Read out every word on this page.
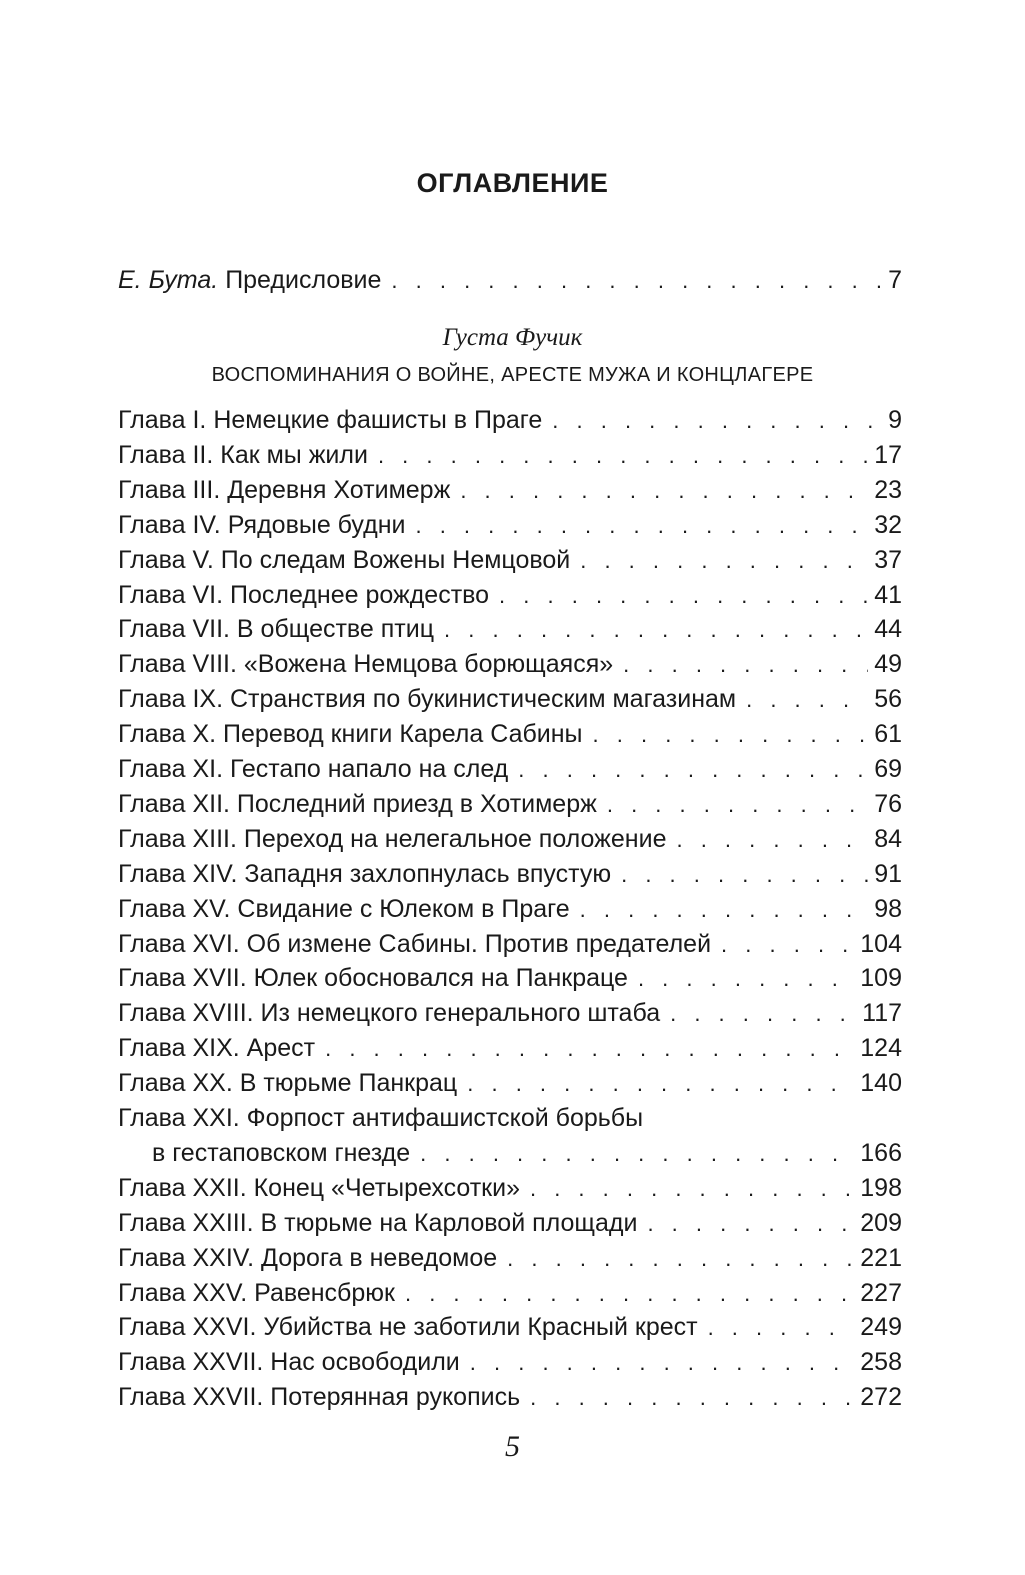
ОГЛАВЛЕНИЕ
Е. Бута. Предисловие . . .	7
Густа Фучик
ВОСПОМИНАНИЯ О ВОЙНЕ, АРЕСТЕ МУЖА И КОНЦЛАГЕРЕ
Глава I. Немецкие фашисты в Праге . . .	9
Глава II. Как мы жили . . .	17
Глава III. Деревня Хотимерж . . .	23
Глава IV. Рядовые будни . . .	32
Глава V. По следам Вожены Немцовой . . .	37
Глава VI. Последнее рождество . . .	41
Глава VII. В обществе птиц . . .	44
Глава VIII. «Вожена Немцова борющаяся» . . .	49
Глава IX. Странствия по букинистическим магазинам . . .	56
Глава X. Перевод книги Карела Сабины . . .	61
Глава XI. Гестапо напало на след . . .	69
Глава XII. Последний приезд в Хотимерж . . .	76
Глава XIII. Переход на нелегальное положение . . .	84
Глава XIV. Западня захлопнулась впустую . . .	91
Глава XV. Свидание с Юлеком в Праге . . .	98
Глава XVI. Об измене Сабины. Против предателей . . .	104
Глава XVII. Юлек обосновался на Панкраце . . .	109
Глава XVIII. Из немецкого генерального штаба . . .	117
Глава XIX. Арест . . .	124
Глава XX. В тюрьме Панкрац . . .	140
Глава XXI. Форпост антифашистской борьбы
в гестаповском гнезде . . .	166
Глава XXII. Конец «Четырехсотки» . . .	198
Глава XXIII. В тюрьме на Карловой площади . . .	209
Глава XXIV. Дорога в неведомое . . .	221
Глава XXV. Равенсбрюк . . .	227
Глава XXVI. Убийства не заботили Красный крест . . .	249
Глава XXVII. Нас освободили . . .	258
Глава XXVII. Потерянная рукопись . . .	272
5
